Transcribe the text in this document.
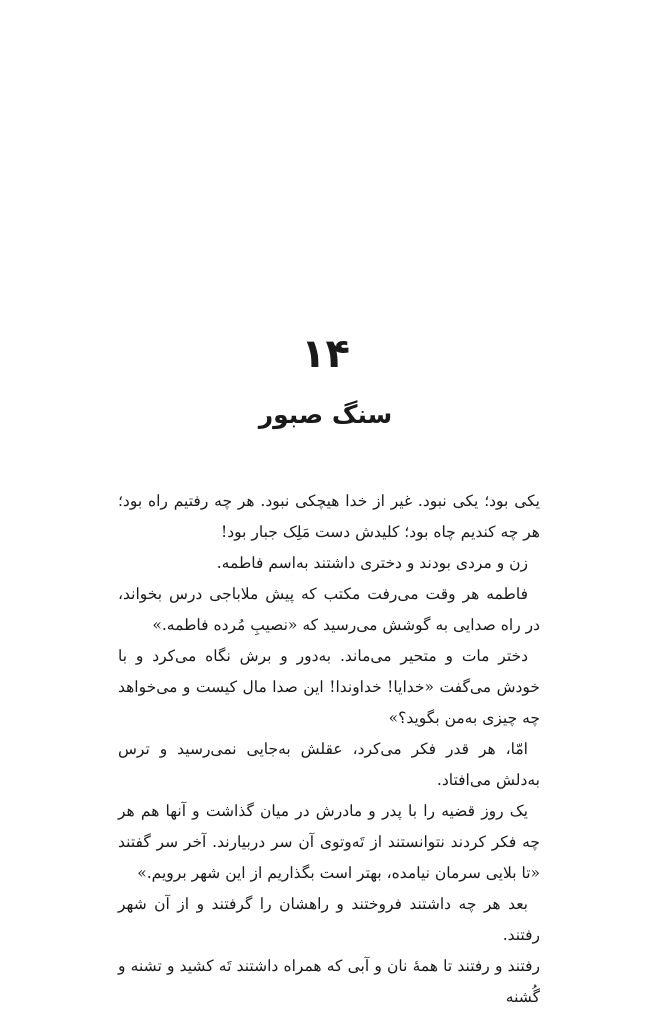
۱۴
سنگ صبور

یکی بود؛ یکی نبود. غیر از خدا هیچکی نبود. هر چه رفتیم راه بود؛ هر چه کندیم چاه بود؛ کلیدش دست مَلِک جبار بود!

زن و مردی بودند و دختری داشتند به‌اسم فاطمه.

فاطمه هر وقت می‌رفت مکتب که پیش ملاباجی درس بخواند، در راه صدایی به گوشش می‌رسید که «نصیبِ مُرده فاطمه.»

دختر مات و متحیر می‌ماند. به‌دور و برش نگاه می‌کرد و با خودش می‌گفت «خدایا! خداوندا! این صدا مال کیست و می‌خواهد چه چیزی به‌من بگوید؟»

امّا، هر قدر فکر می‌کرد، عقلش به‌جایی نمی‌رسید و ترس به‌دلش می‌افتاد.

یک روز قضیه را با پدر و مادرش در میان گذاشت و آنها هم هر چه فکر کردند نتوانستند از تَه‌وتوی آن سر دربیارند. آخر سر گفتند «تا بلایی سرمان نیامده، بهتر است بگذاریم از این شهر برویم.»

بعد هر چه داشتند فروختند و راهشان را گرفتند و از آن شهر رفتند.

رفتند و رفتند تا همهٔ نان و آبی که همراه داشتند تَه کشید و تشنه و گُشنه
